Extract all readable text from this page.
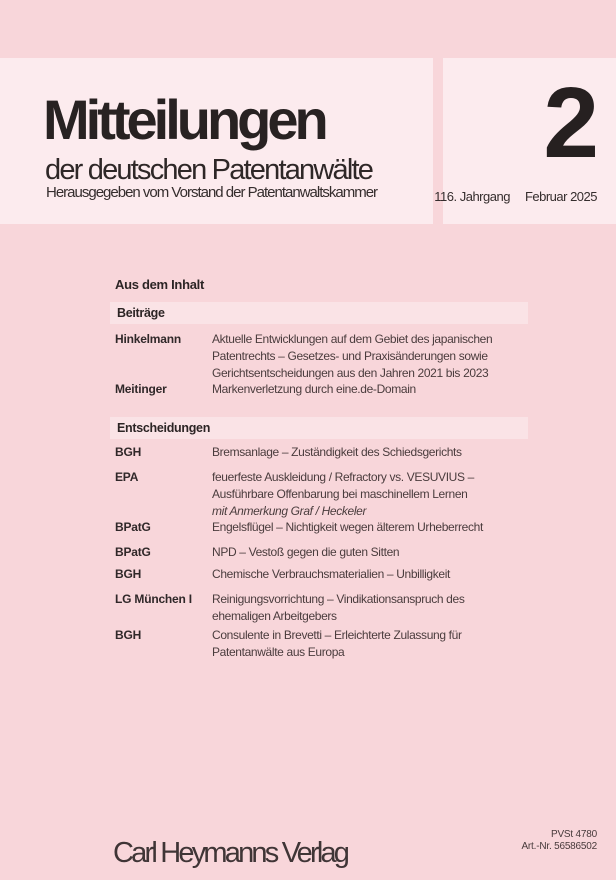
Mitteilungen
der deutschen Patentanwälte
Herausgegeben vom Vorstand der Patentanwaltskammer
2
116. Jahrgang Februar 2025
Aus dem Inhalt
Beiträge
Hinkelmann	Aktuelle Entwicklungen auf dem Gebiet des japanischen Patentrechts – Gesetzes- und Praxisänderungen sowie Gerichtsentscheidungen aus den Jahren 2021 bis 2023
Meitinger	Markenverletzung durch eine.de-Domain
Entscheidungen
BGH	Bremsanlage – Zuständigkeit des Schiedsgerichts
EPA	feuerfeste Auskleidung / Refractory vs. VESUVIUS – Ausführbare Offenbarung bei maschinellem Lernen
mit Anmerkung Graf / Heckeler
BPatG	Engelsflügel – Nichtigkeit wegen älterem Urheberrecht
BPatG	NPD – Vestoß gegen die guten Sitten
BGH	Chemische Verbrauchsmaterialien – Unbilligkeit
LG München I	Reinigungsvorrichtung – Vindikationsanspruch des ehemaligen Arbeitgebers
BGH	Consulente in Brevetti – Erleichterte Zulassung für Patentanwälte aus Europa
Carl Heymanns Verlag
PVSt 4780
Art.-Nr. 56586502
